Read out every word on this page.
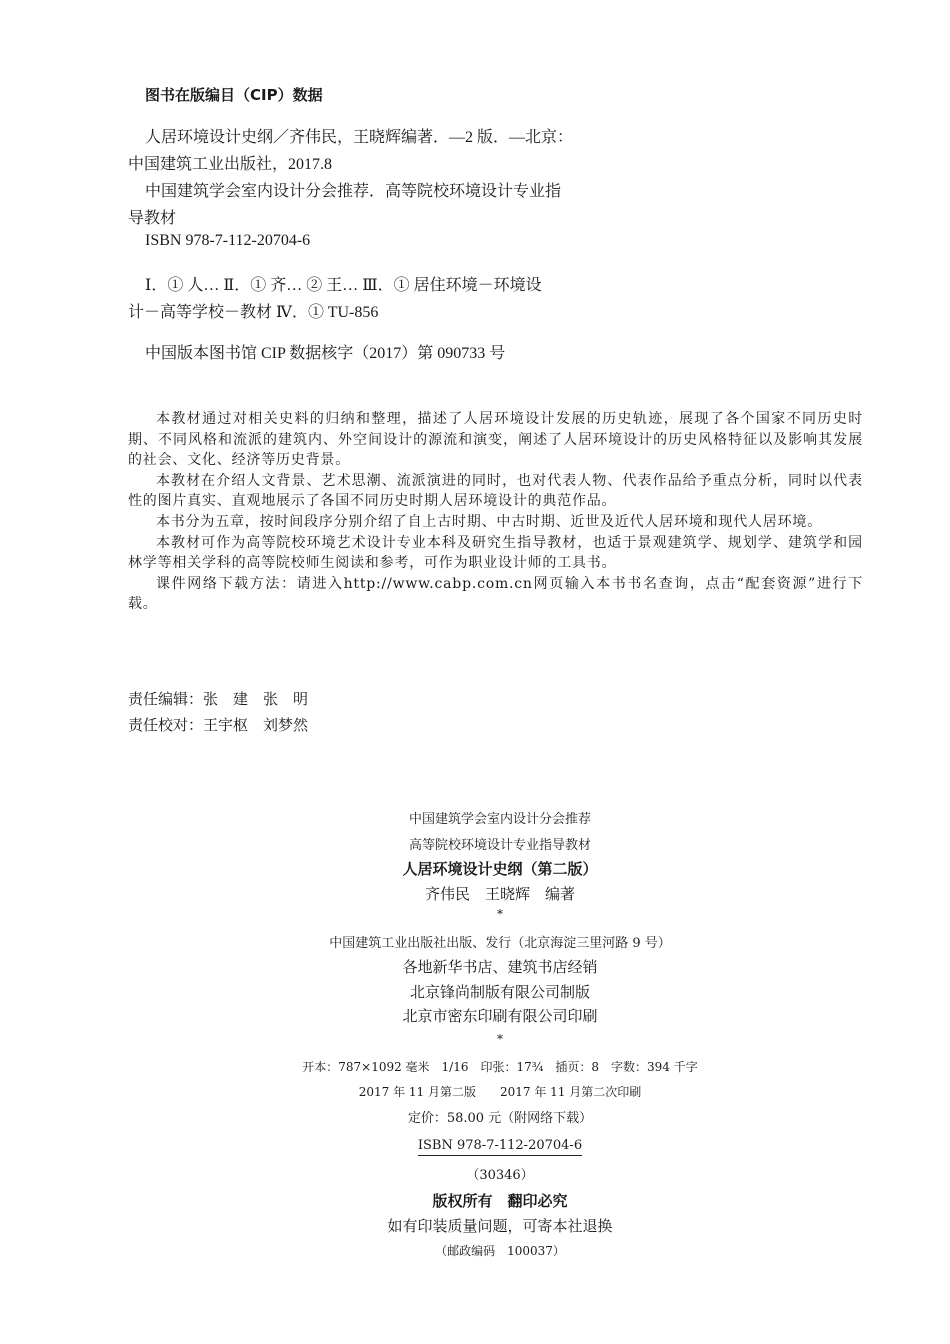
图书在版编目（CIP）数据
人居环境设计史纲／齐伟民，王晓辉编著．—2 版．—北京：
中国建筑工业出版社，2017.8
中国建筑学会室内设计分会推荐．高等院校环境设计专业指
导教材
ISBN 978-7-112-20704-6
Ⅰ．① 人… Ⅱ．① 齐… ② 王… Ⅲ．① 居住环境－环境设
计－高等学校－教材 Ⅳ．① TU-856
中国版本图书馆 CIP 数据核字（2017）第 090733 号

本教材通过对相关史料的归纳和整理，描述了人居环境设计发展的历史轨迹，展现了各个国家不同历史时期、不同风格和流派的建筑内、外空间设计的源流和演变，阐述了人居环境设计的历史风格特征以及影响其发展的社会、文化、经济等历史背景。

本教材在介绍人文背景、艺术思潮、流派演进的同时，也对代表人物、代表作品给予重点分析，同时以代表性的图片真实、直观地展示了各国不同历史时期人居环境设计的典范作品。

本书分为五章，按时间段序分别介绍了自上古时期、中古时期、近世及近代人居环境和现代人居环境。

本教材可作为高等院校环境艺术设计专业本科及研究生指导教材，也适于景观建筑学、规划学、建筑学和园林学等相关学科的高等院校师生阅读和参考，可作为职业设计师的工具书。

课件网络下载方法：请进入http://www.cabp.com.cn网页输入本书书名查询，点击“配套资源”进行下载。

责任编辑：张　建　张　明
责任校对：王宇枢　刘梦然
中国建筑学会室内设计分会推荐
高等院校环境设计专业指导教材
人居环境设计史纲（第二版）
齐伟民　王晓辉　编著
*
中国建筑工业出版社出版、发行（北京海淀三里河路 9 号）
各地新华书店、建筑书店经销
北京锋尚制版有限公司制版
北京市密东印刷有限公司印刷
*
开本：787×1092 毫米　1/16　印张：17¾　插页：8　字数：394 千字
2017 年 11 月第二版　　2017 年 11 月第二次印刷
定价：58.00 元（附网络下载）
ISBN 978-7-112-20704-6
（30346）
版权所有　翻印必究
如有印装质量问题，可寄本社退换
（邮政编码　100037）
